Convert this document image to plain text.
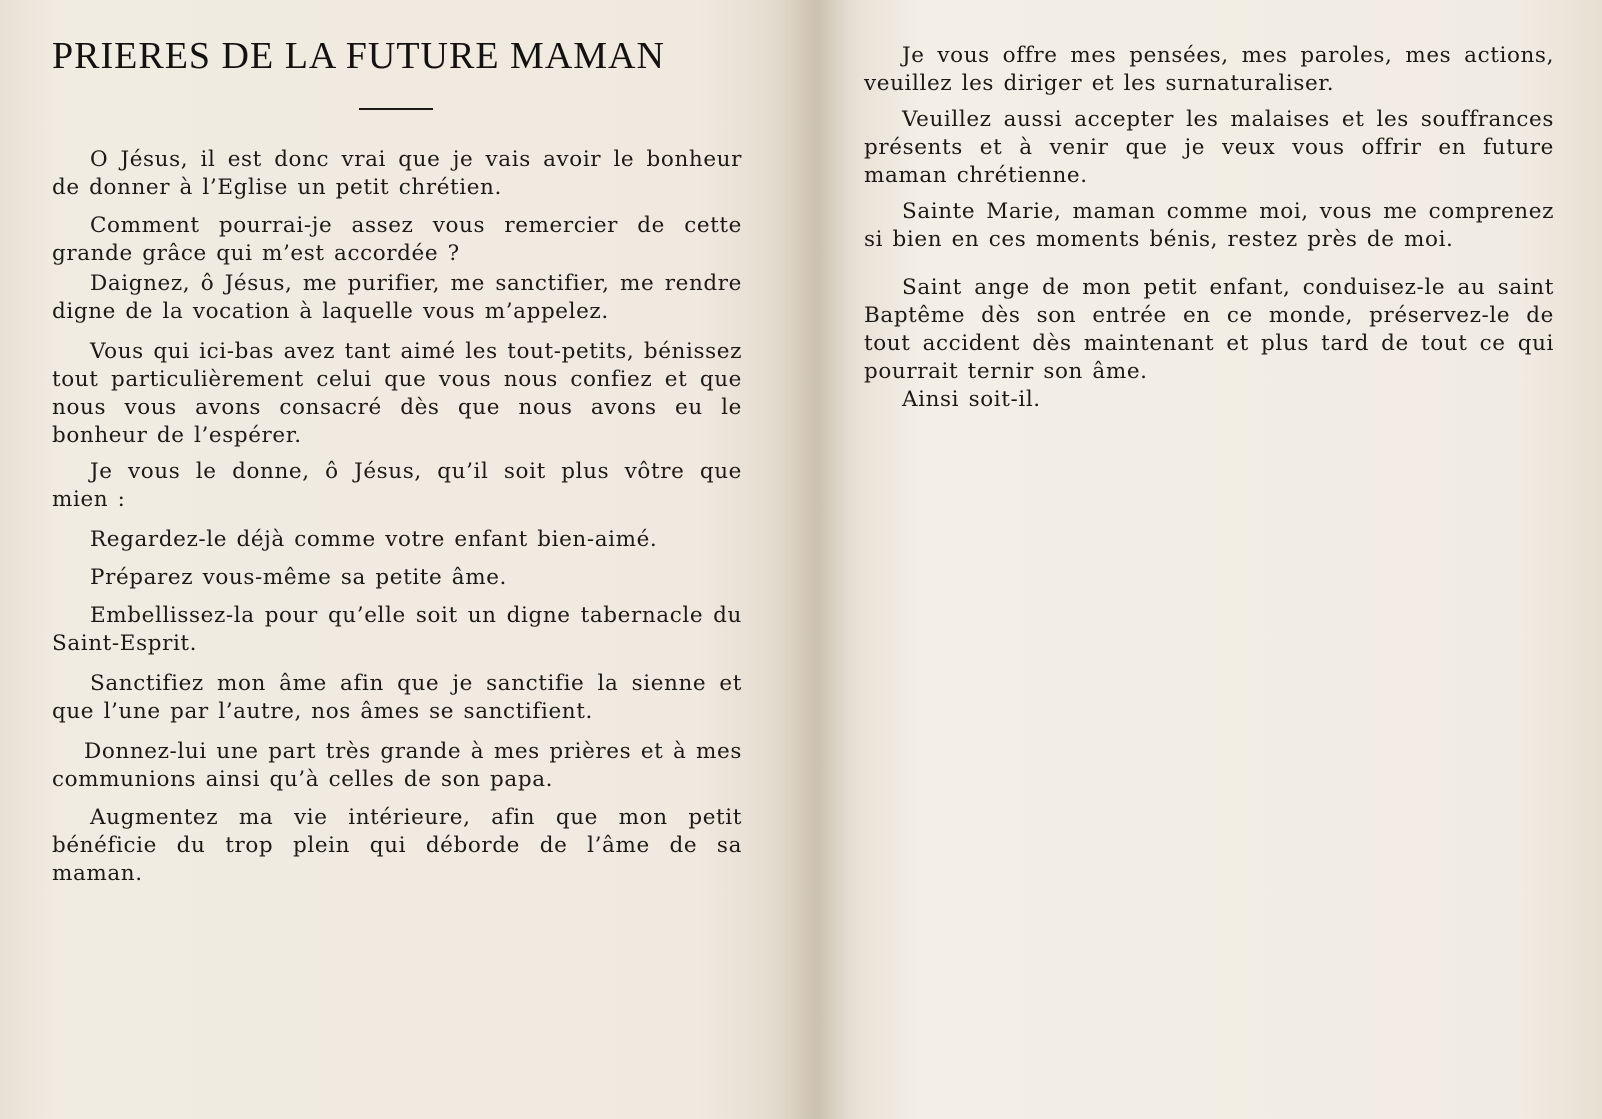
PRIERES DE LA FUTURE MAMAN

O Jésus, il est donc vrai que je vais avoir le bonheur de donner à l’Eglise un petit chrétien.

Comment pourrai-je assez vous remercier de cette grande grâce qui m’est accordée ?

Daignez, ô Jésus, me purifier, me sanctifier, me rendre digne de la vocation à laquelle vous m’appelez.

Vous qui ici-bas avez tant aimé les tout-petits, bénissez tout particulièrement celui que vous nous confiez et que nous vous avons consacré dès que nous avons eu le bonheur de l’espérer.

Je vous le donne, ô Jésus, qu’il soit plus vôtre que mien :

Regardez-le déjà comme votre enfant bien-aimé.

Préparez vous-même sa petite âme.

Embellissez-la pour qu’elle soit un digne tabernacle du Saint-Esprit.

Sanctifiez mon âme afin que je sanctifie la sienne et que l’une par l’autre, nos âmes se sanctifient.

Donnez-lui une part très grande à mes prières et à mes communions ainsi qu’à celles de son papa.

Augmentez ma vie intérieure, afin que mon petit bénéficie du trop plein qui déborde de l’âme de sa maman.

Je vous offre mes pensées, mes paroles, mes actions, veuillez les diriger et les surnaturaliser.

Veuillez aussi accepter les malaises et les souffrances présents et à venir que je veux vous offrir en future maman chrétienne.

Sainte Marie, maman comme moi, vous me comprenez si bien en ces moments bénis, restez près de moi.

Saint ange de mon petit enfant, conduisez-le au saint Baptême dès son entrée en ce monde, préservez-le de tout accident dès maintenant et plus tard de tout ce qui pourrait ternir son âme.

Ainsi soit-il.
